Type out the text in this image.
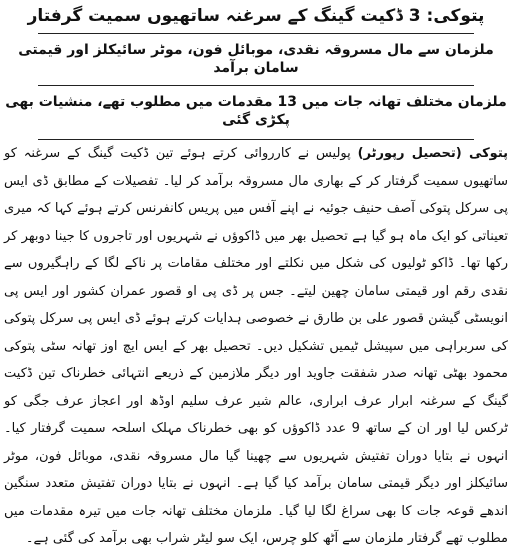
پتوکی: 3 ڈکیت گینگ کے سرغنہ ساتھیوں سمیت گرفتار
ملزمان سے مال مسروقہ نقدی، موبائل فون، موٹر سائیکلز اور قیمتی سامان برآمد
ملزمان مختلف تھانہ جات میں 13 مقدمات میں مطلوب تھے، منشیات بھی پکڑی گئی

پتوکی (تحصیل رپورٹر) پولیس نے کارروائی کرتے ہوئے تین ڈکیت گینگ کے سرغنہ کو ساتھیوں سمیت گرفتار کر کے بھاری مال مسروقہ برآمد کر لیا۔ تفصیلات کے مطابق ڈی ایس پی سرکل پتوکی آصف حنیف جوئیہ نے اپنے آفس میں پریس کانفرنس کرتے ہوئے کہا کہ میری تعیناتی کو ایک ماہ ہو گیا ہے تحصیل بھر میں ڈاکوؤں نے شہریوں اور تاجروں کا جینا دوبھر کر رکھا تھا۔ ڈاکو ٹولیوں کی شکل میں نکلتے اور مختلف مقامات پر ناکے لگا کے راہگیروں سے نقدی رقم اور قیمتی سامان چھین لیتے۔ جس پر ڈی پی او قصور عمران کشور اور ایس پی انویسٹی گیشن قصور علی بن طارق نے خصوصی ہدایات کرتے ہوئے ڈی ایس پی سرکل پتوکی کی سربراہی میں سپیشل ٹیمیں تشکیل دیں۔ تحصیل بھر کے ایس ایچ اوز تھانہ سٹی پتوکی محمود بھٹی تھانہ صدر شفقت جاوید اور دیگر ملازمین کے ذریعے انتہائی خطرناک تین ڈکیت گینگ کے سرغنہ ابرار عرف ابراری، عالم شیر عرف سلیم اوڈھ اور اعجاز عرف جگی کو ٹرکس لیا اور ان کے ساتھ 9 عدد ڈاکوؤں کو بھی خطرناک مہلک اسلحہ سمیت گرفتار کیا۔ انہوں نے بتایا دوران تفتیش شہریوں سے چھینا گیا مال مسروقہ نقدی، موبائل فون، موٹر سائیکلز اور دیگر قیمتی سامان برآمد کیا گیا ہے۔ انہوں نے بتایا دوران تفتیش متعدد سنگین اندھے قوعہ جات کا بھی سراغ لگا لیا گیا۔ ملزمان مختلف تھانہ جات میں تیرہ مقدمات میں مطلوب تھے گرفتار ملزمان سے آٹھ کلو چرس، ایک سو لیٹر شراب بھی برآمد کی گئی ہے۔
